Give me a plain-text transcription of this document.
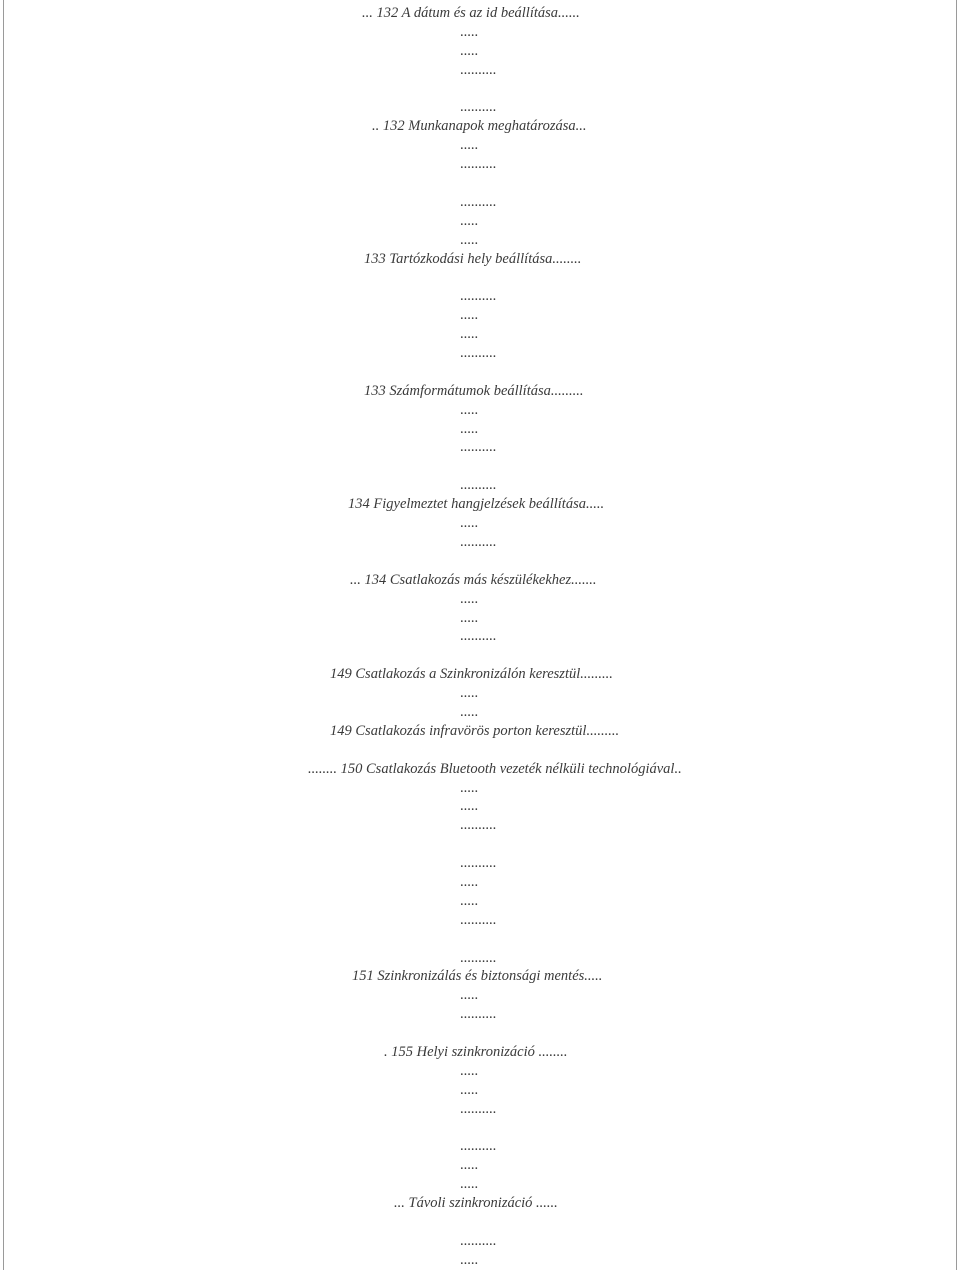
... 132 A dátum és az id beállítása......
.....
.....
..........
..........
.. 132 Munkanapok meghatározása...
.....
..........
..........
.....
.....
133 Tartózkodási hely beállítása........
..........
.....
.....
..........
133 Számformátumok beállítása.........
.....
.....
..........
..........
134 Figyelmeztet hangjelzések beállítása.....
.....
..........
... 134 Csatlakozás más készülékekhez.......
.....
.....
..........
149 Csatlakozás a Szinkronizálón keresztül.........
.....
.....
149 Csatlakozás infravörös porton keresztül.........
........ 150 Csatlakozás Bluetooth vezeték nélküli technológiával..
.....
.....
..........
..........
.....
.....
..........
..........
151 Szinkronizálás és biztonsági mentés.....
.....
..........
. 155 Helyi szinkronizáció ........
.....
.....
..........
..........
.....
.....
... Távoli szinkronizáció ......
..........
.....
